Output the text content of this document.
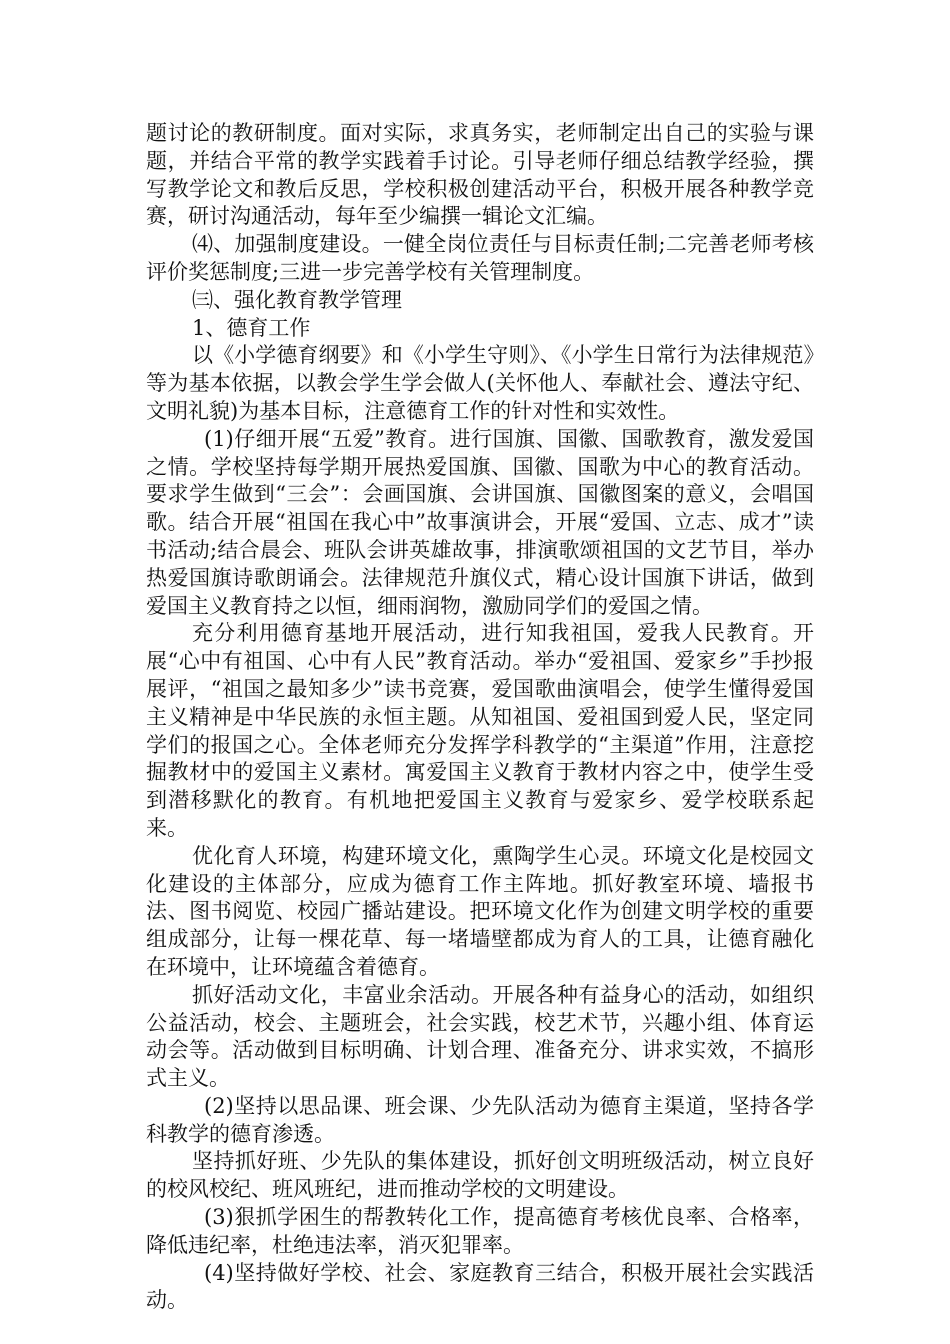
题讨论的教研制度。面对实际，求真务实，老师制定出自己的实验与课题，并结合平常的教学实践着手讨论。引导老师仔细总结教学经验，撰写教学论文和教后反思，学校积极创建活动平台，积极开展各种教学竞赛，研讨沟通活动，每年至少编撰一辑论文汇编。

⑷、加强制度建设。一健全岗位责任与目标责任制;二完善老师考核评价奖惩制度;三进一步完善学校有关管理制度。

㈢、强化教育教学管理

1、德育工作

以《小学德育纲要》和《小学生守则》、《小学生日常行为法律规范》等为基本依据，以教会学生学会做人(关怀他人、奉献社会、遵法守纪、文明礼貌)为基本目标，注意德育工作的针对性和实效性。

(1)仔细开展“五爱”教育。进行国旗、国徽、国歌教育，激发爱国之情。学校坚持每学期开展热爱国旗、国徽、国歌为中心的教育活动。要求学生做到“三会”：会画国旗、会讲国旗、国徽图案的意义，会唱国歌。结合开展“祖国在我心中”故事演讲会，开展“爱国、立志、成才”读书活动;结合晨会、班队会讲英雄故事，排演歌颂祖国的文艺节目，举办热爱国旗诗歌朗诵会。法律规范升旗仪式，精心设计国旗下讲话，做到爱国主义教育持之以恒，细雨润物，激励同学们的爱国之情。

充分利用德育基地开展活动，进行知我祖国，爱我人民教育。开展“心中有祖国、心中有人民”教育活动。举办“爱祖国、爱家乡”手抄报展评，“祖国之最知多少”读书竞赛，爱国歌曲演唱会，使学生懂得爱国主义精神是中华民族的永恒主题。从知祖国、爱祖国到爱人民，坚定同学们的报国之心。全体老师充分发挥学科教学的“主渠道”作用，注意挖掘教材中的爱国主义素材。寓爱国主义教育于教材内容之中，使学生受到潜移默化的教育。有机地把爱国主义教育与爱家乡、爱学校联系起来。

优化育人环境，构建环境文化，熏陶学生心灵。环境文化是校园文化建设的主体部分，应成为德育工作主阵地。抓好教室环境、墙报书法、图书阅览、校园广播站建设。把环境文化作为创建文明学校的重要组成部分，让每一棵花草、每一堵墙壁都成为育人的工具，让德育融化在环境中，让环境蕴含着德育。

抓好活动文化，丰富业余活动。开展各种有益身心的活动，如组织公益活动，校会、主题班会，社会实践，校艺术节，兴趣小组、体育运动会等。活动做到目标明确、计划合理、准备充分、讲求实效，不搞形式主义。

(2)坚持以思品课、班会课、少先队活动为德育主渠道，坚持各学科教学的德育渗透。

坚持抓好班、少先队的集体建设，抓好创文明班级活动，树立良好的校风校纪、班风班纪，进而推动学校的文明建设。

(3)狠抓学困生的帮教转化工作，提高德育考核优良率、合格率，降低违纪率，杜绝违法率，消灭犯罪率。

(4)坚持做好学校、社会、家庭教育三结合，积极开展社会实践活动。
